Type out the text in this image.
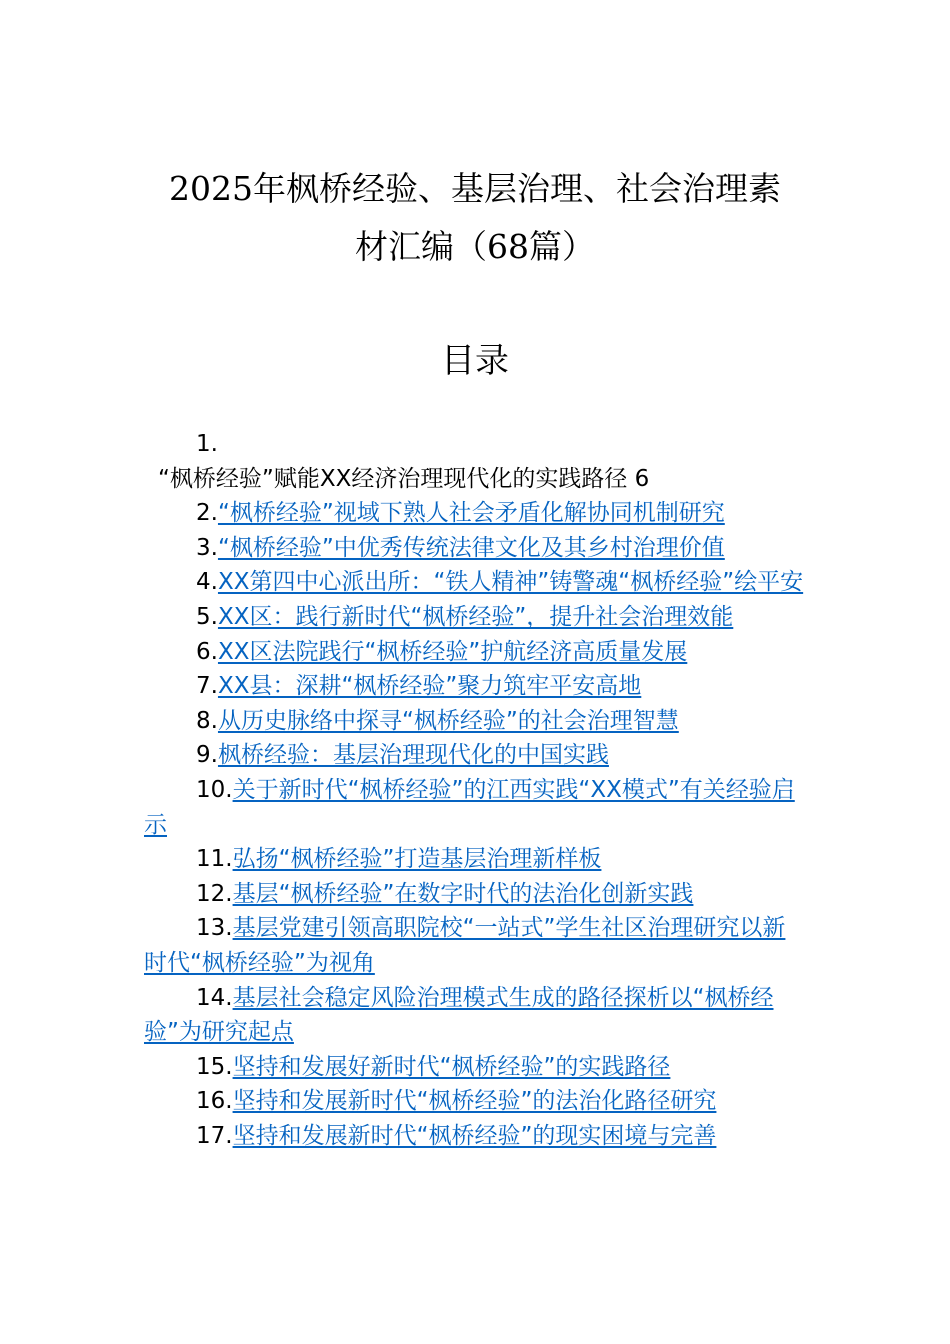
2025年枫桥经验、基层治理、社会治理素
材汇编（68篇）
目录
1.
“枫桥经验”赋能XX经济治理现代化的实践路径 6
2.“枫桥经验”视域下熟人社会矛盾化解协同机制研究
3.“枫桥经验”中优秀传统法律文化及其乡村治理价值
4.XX第四中心派出所：“铁人精神”铸警魂“枫桥经验”绘平安
5.XX区：践行新时代“枫桥经验”，提升社会治理效能
6.XX区法院践行“枫桥经验”护航经济高质量发展
7.XX县：深耕“枫桥经验”聚力筑牢平安高地
8.从历史脉络中探寻“枫桥经验”的社会治理智慧
9.枫桥经验：基层治理现代化的中国实践
10.关于新时代“枫桥经验”的江西实践“XX模式”有关经验启示
11.弘扬“枫桥经验”打造基层治理新样板
12.基层“枫桥经验”在数字时代的法治化创新实践
13.基层党建引领高职院校“一站式”学生社区治理研究以新时代“枫桥经验”为视角
14.基层社会稳定风险治理模式生成的路径探析以“枫桥经验”为研究起点
15.坚持和发展好新时代“枫桥经验”的实践路径
16.坚持和发展新时代“枫桥经验”的法治化路径研究
17.坚持和发展新时代“枫桥经验”的现实困境与完善
